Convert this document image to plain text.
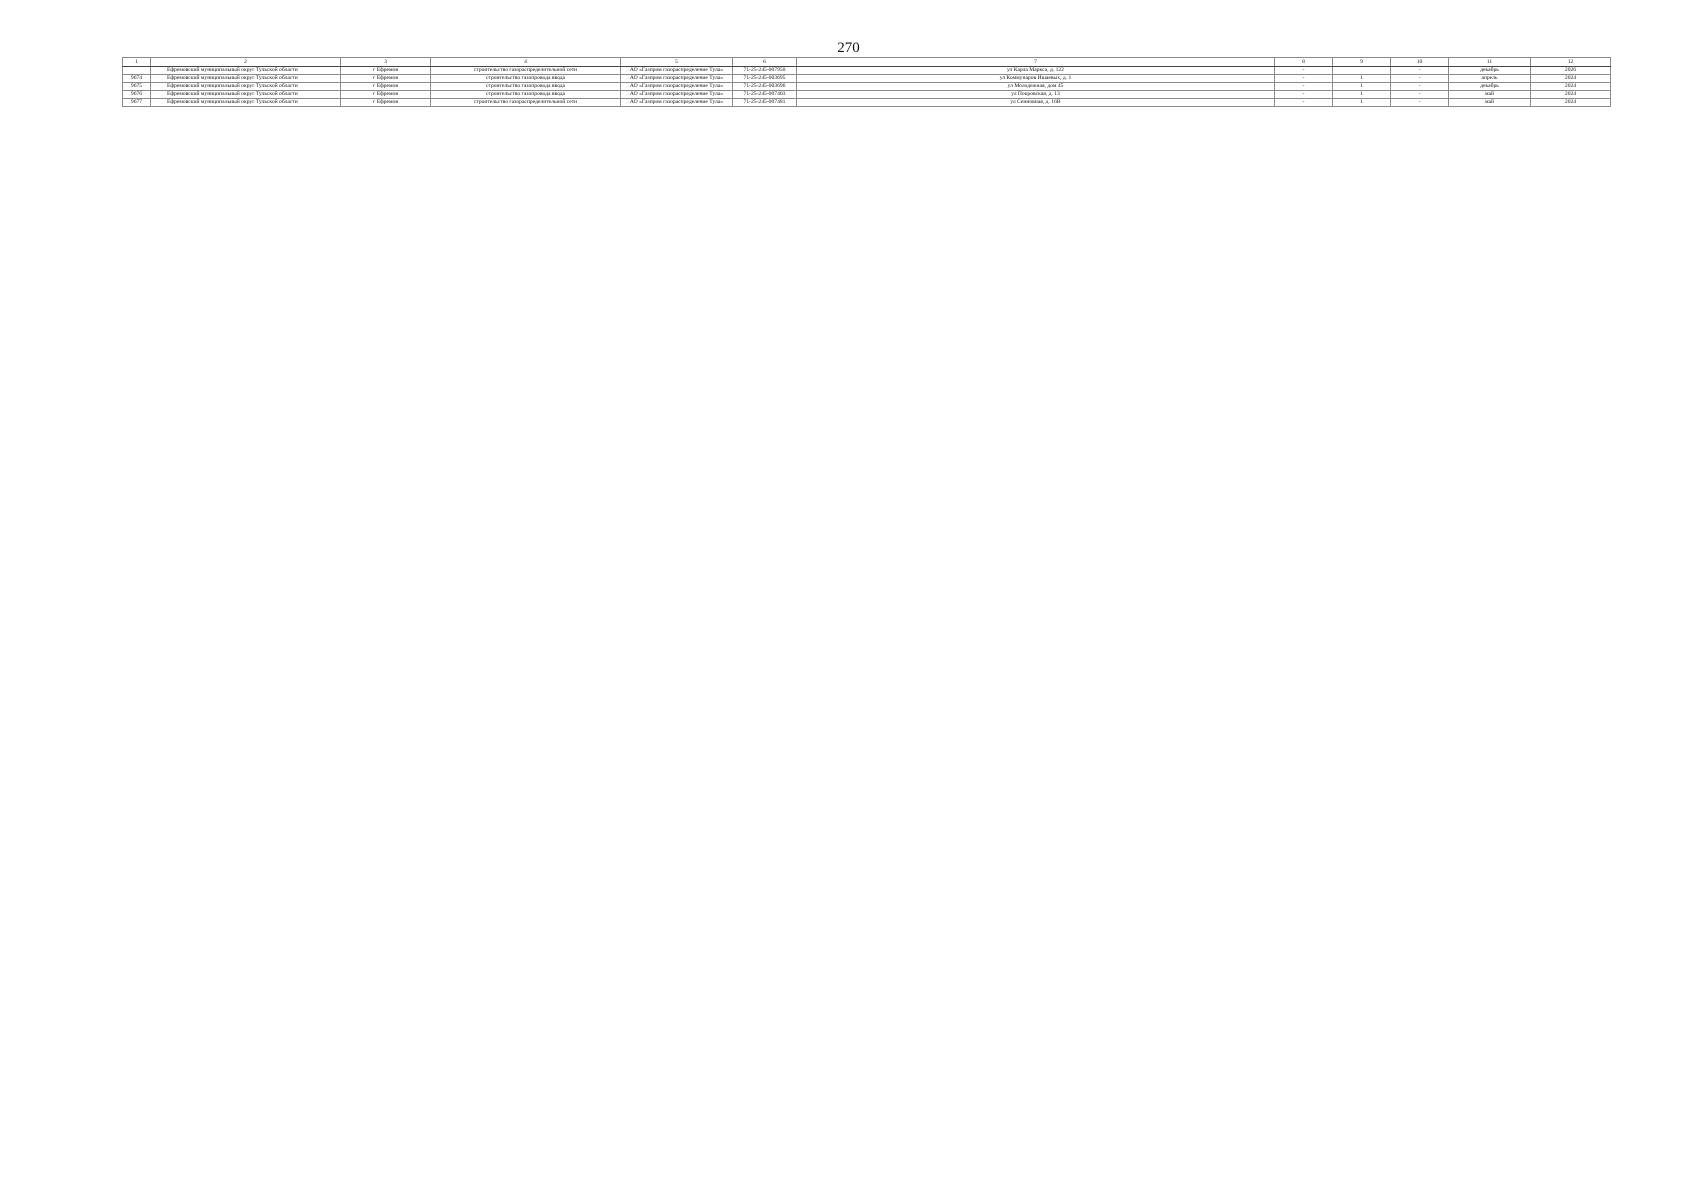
270
1	2	3	4	5	6	7	8	9	10	11	12
	Ефремовский муниципальный округ Тульской области	г Ефремов	строительство газораспределительной сети	АО «Газпром газораспределение Тула»	71-25-245-007950	ул Карла Маркса, д. 122	-		-	декабрь	2026
9674	Ефремовский муниципальный округ Тульской области	г Ефремов	строительство газопровода ввода	АО «Газпром газораспределение Тула»	71-25-245-003695	ул Коммунаров Ишаевых, д. 1	-	1	-	апрель	2024
9675	Ефремовский муниципальный округ Тульской области	г Ефремов	строительство газопровода ввода	АО «Газпром газораспределение Тула»	71-25-245-003696	ул Молодежная, дом 45	-	1	-	декабрь	2024
9676	Ефремовский муниципальный округ Тульской области	г Ефремов	строительство газопровода ввода	АО «Газпром газораспределение Тула»	71-25-245-007403	ул Покровская, д. 13	-	1	-	май	2024
9677	Ефремовский муниципальный округ Тульской области	г Ефремов	строительство газораспределительной сети	АО «Газпром газораспределение Тула»	71-25-245-007481	ул Сенновная, д. 16В	-	1	-	май	2024
